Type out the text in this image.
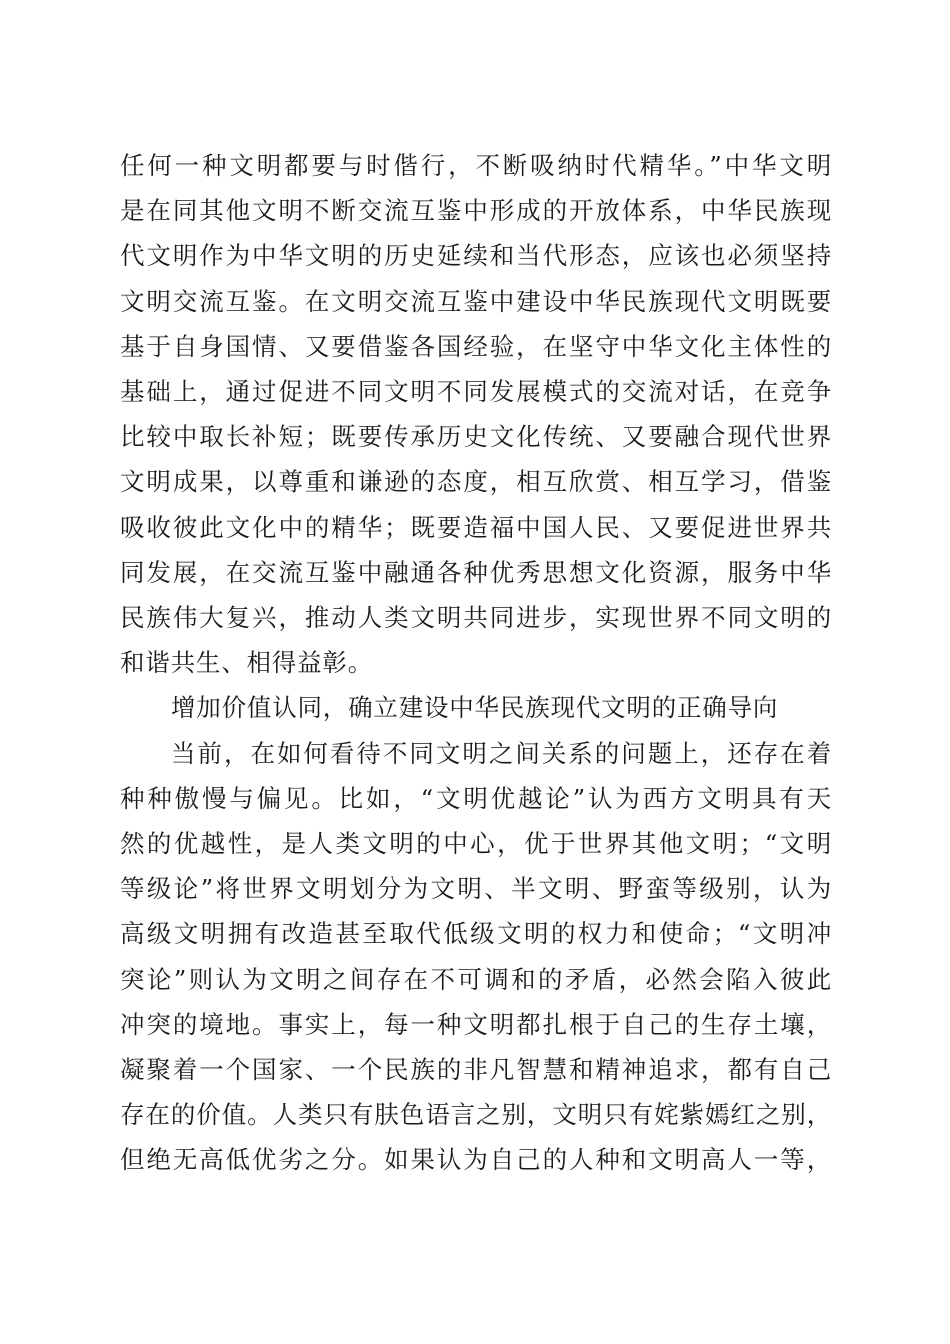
任何一种文明都要与时偕行，不断吸纳时代精华。”中华文明
是在同其他文明不断交流互鉴中形成的开放体系，中华民族现
代文明作为中华文明的历史延续和当代形态，应该也必须坚持
文明交流互鉴。在文明交流互鉴中建设中华民族现代文明既要
基于自身国情、又要借鉴各国经验，在坚守中华文化主体性的
基础上，通过促进不同文明不同发展模式的交流对话，在竞争
比较中取长补短；既要传承历史文化传统、又要融合现代世界
文明成果，以尊重和谦逊的态度，相互欣赏、相互学习，借鉴
吸收彼此文化中的精华；既要造福中国人民、又要促进世界共
同发展，在交流互鉴中融通各种优秀思想文化资源，服务中华
民族伟大复兴，推动人类文明共同进步，实现世界不同文明的
和谐共生、相得益彰。

增加价值认同，确立建设中华民族现代文明的正确导向

当前，在如何看待不同文明之间关系的问题上，还存在着
种种傲慢与偏见。比如，“文明优越论”认为西方文明具有天
然的优越性，是人类文明的中心，优于世界其他文明；“文明
等级论”将世界文明划分为文明、半文明、野蛮等级别，认为
高级文明拥有改造甚至取代低级文明的权力和使命；“文明冲
突论”则认为文明之间存在不可调和的矛盾，必然会陷入彼此
冲突的境地。事实上，每一种文明都扎根于自己的生存土壤，
凝聚着一个国家、一个民族的非凡智慧和精神追求，都有自己
存在的价值。人类只有肤色语言之别，文明只有姹紫嫣红之别，
但绝无高低优劣之分。如果认为自己的人种和文明高人一等，
